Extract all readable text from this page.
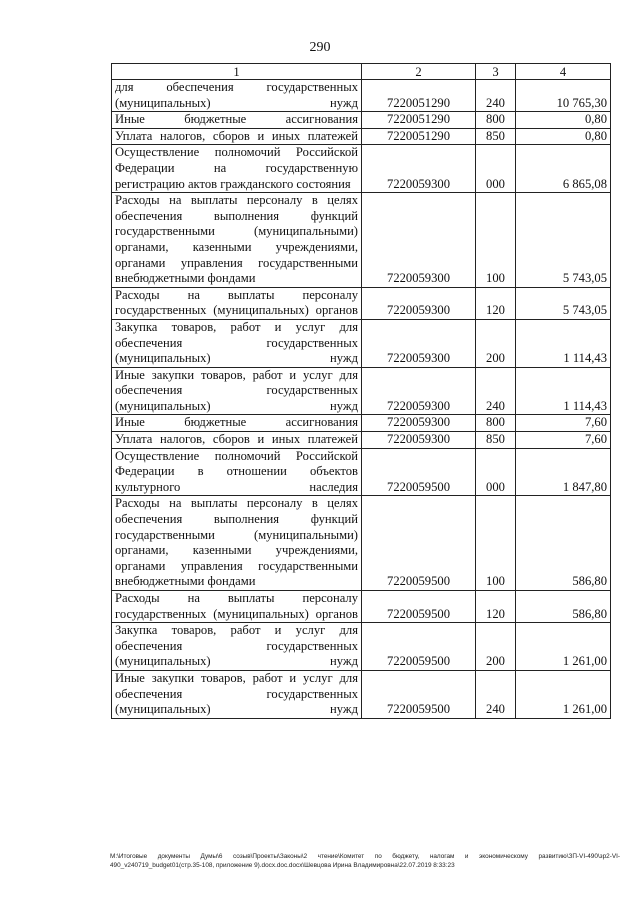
290
1	2	3	4
для обеспечения государственных (муниципальных) нужд	7220051290	240	10 765,30
Иные бюджетные ассигнования	7220051290	800	0,80
Уплата налогов, сборов и иных платежей	7220051290	850	0,80
Осуществление полномочий Российской Федерации на государственную регистрацию актов гражданского состояния	7220059300	000	6 865,08
Расходы на выплаты персоналу в целях обеспечения выполнения функций государственными (муниципальными) органами, казенными учреждениями, органами управления государственными внебюджетными фондами	7220059300	100	5 743,05
Расходы на выплаты персоналу государственных (муниципальных) органов	7220059300	120	5 743,05
Закупка товаров, работ и услуг для обеспечения государственных (муниципальных) нужд	7220059300	200	1 114,43
Иные закупки товаров, работ и услуг для обеспечения государственных (муниципальных) нужд	7220059300	240	1 114,43
Иные бюджетные ассигнования	7220059300	800	7,60
Уплата налогов, сборов и иных платежей	7220059300	850	7,60
Осуществление полномочий Российской Федерации в отношении объектов культурного наследия	7220059500	000	1 847,80
Расходы на выплаты персоналу в целях обеспечения выполнения функций государственными (муниципальными) органами, казенными учреждениями, органами управления государственными внебюджетными фондами	7220059500	100	586,80
Расходы на выплаты персоналу государственных (муниципальных) органов	7220059500	120	586,80
Закупка товаров, работ и услуг для обеспечения государственных (муниципальных) нужд	7220059500	200	1 261,00
Иные закупки товаров, работ и услуг для обеспечения государственных (муниципальных) нужд	7220059500	240	1 261,00
M:\Итоговые документы Думы\6 созыв\Проекты\Законы\2 чтение\Комитет по бюджету, налогам и экономическому развитию\ЗП-VI-490\зр2-VI-490_v240719_budget01(стр.35-108, приложение 9).docx.doc.docx\Шевцова Ирина Владимировна\22.07.2019 8:33:23
